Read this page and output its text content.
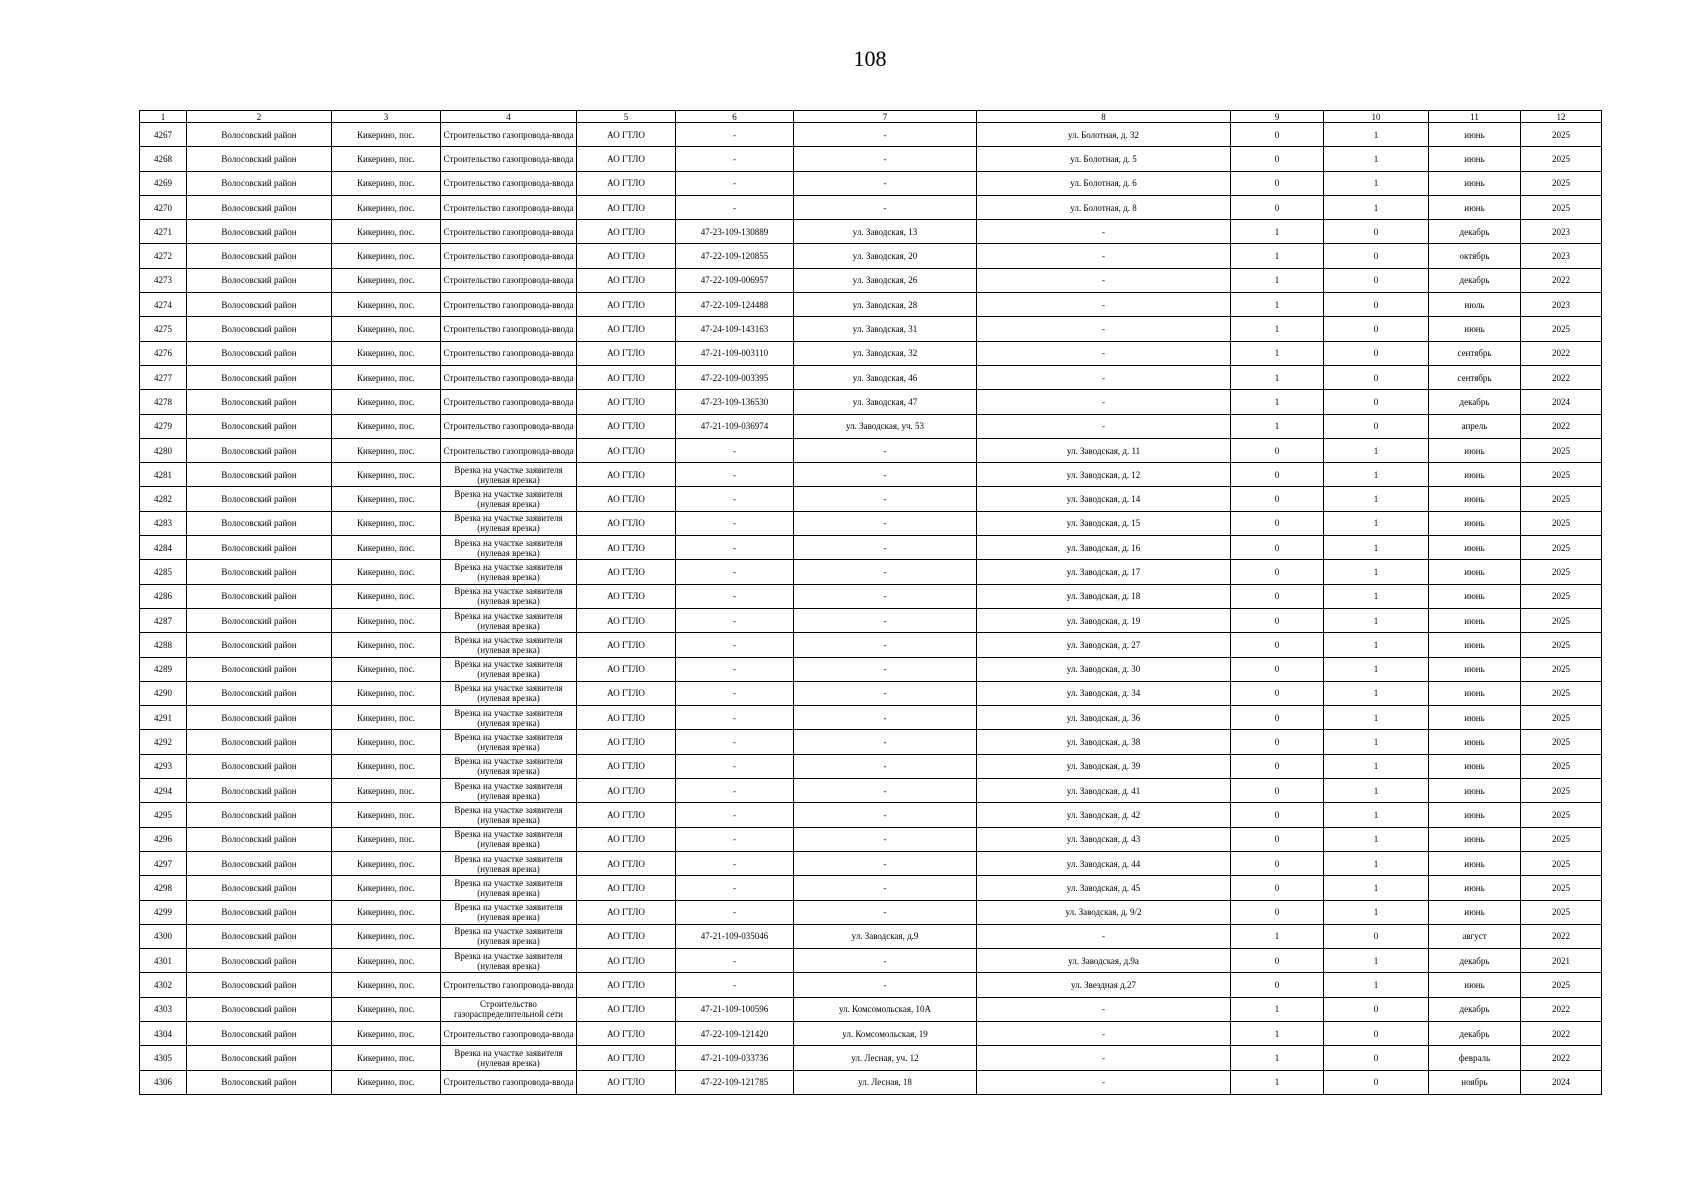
108
1	2	3	4	5	6	7	8	9	10	11	12
4267	Волосовский район	Кикерино, пос.	Строительство газопровода-ввода	АО ГТЛО	-	-	ул. Болотная, д. 32	0	1	июнь	2025
4268	Волосовский район	Кикерино, пос.	Строительство газопровода-ввода	АО ГТЛО	-	-	ул. Болотная, д. 5	0	1	июнь	2025
4269	Волосовский район	Кикерино, пос.	Строительство газопровода-ввода	АО ГТЛО	-	-	ул. Болотная, д. 6	0	1	июнь	2025
4270	Волосовский район	Кикерино, пос.	Строительство газопровода-ввода	АО ГТЛО	-	-	ул. Болотная, д. 8	0	1	июнь	2025
4271	Волосовский район	Кикерино, пос.	Строительство газопровода-ввода	АО ГТЛО	47-23-109-130889	ул. Заводская, 13	-	1	0	декабрь	2023
4272	Волосовский район	Кикерино, пос.	Строительство газопровода-ввода	АО ГТЛО	47-22-109-120855	ул. Заводская, 20	-	1	0	октябрь	2023
4273	Волосовский район	Кикерино, пос.	Строительство газопровода-ввода	АО ГТЛО	47-22-109-006957	ул. Заводская, 26	-	1	0	декабрь	2022
4274	Волосовский район	Кикерино, пос.	Строительство газопровода-ввода	АО ГТЛО	47-22-109-124488	ул. Заводская, 28	-	1	0	июль	2023
4275	Волосовский район	Кикерино, пос.	Строительство газопровода-ввода	АО ГТЛО	47-24-109-143163	ул. Заводская, 31	-	1	0	июнь	2025
4276	Волосовский район	Кикерино, пос.	Строительство газопровода-ввода	АО ГТЛО	47-21-109-003110	ул. Заводская, 32	-	1	0	сентябрь	2022
4277	Волосовский район	Кикерино, пос.	Строительство газопровода-ввода	АО ГТЛО	47-22-109-003395	ул. Заводская, 46	-	1	0	сентябрь	2022
4278	Волосовский район	Кикерино, пос.	Строительство газопровода-ввода	АО ГТЛО	47-23-109-136530	ул. Заводская, 47	-	1	0	декабрь	2024
4279	Волосовский район	Кикерино, пос.	Строительство газопровода-ввода	АО ГТЛО	47-21-109-036974	ул. Заводская, уч. 53	-	1	0	апрель	2022
4280	Волосовский район	Кикерино, пос.	Строительство газопровода-ввода	АО ГТЛО	-	-	ул. Заводская, д. 11	0	1	июнь	2025
4281	Волосовский район	Кикерино, пос.	Врезка на участке заявителя (нулевая врезка)	АО ГТЛО	-	-	ул. Заводская, д. 12	0	1	июнь	2025
4282	Волосовский район	Кикерино, пос.	Врезка на участке заявителя (нулевая врезка)	АО ГТЛО	-	-	ул. Заводская, д. 14	0	1	июнь	2025
4283	Волосовский район	Кикерино, пос.	Врезка на участке заявителя (нулевая врезка)	АО ГТЛО	-	-	ул. Заводская, д. 15	0	1	июнь	2025
4284	Волосовский район	Кикерино, пос.	Врезка на участке заявителя (нулевая врезка)	АО ГТЛО	-	-	ул. Заводская, д. 16	0	1	июнь	2025
4285	Волосовский район	Кикерино, пос.	Врезка на участке заявителя (нулевая врезка)	АО ГТЛО	-	-	ул. Заводская, д. 17	0	1	июнь	2025
4286	Волосовский район	Кикерино, пос.	Врезка на участке заявителя (нулевая врезка)	АО ГТЛО	-	-	ул. Заводская, д. 18	0	1	июнь	2025
4287	Волосовский район	Кикерино, пос.	Врезка на участке заявителя (нулевая врезка)	АО ГТЛО	-	-	ул. Заводская, д. 19	0	1	июнь	2025
4288	Волосовский район	Кикерино, пос.	Врезка на участке заявителя (нулевая врезка)	АО ГТЛО	-	-	ул. Заводская, д. 27	0	1	июнь	2025
4289	Волосовский район	Кикерино, пос.	Врезка на участке заявителя (нулевая врезка)	АО ГТЛО	-	-	ул. Заводская, д. 30	0	1	июнь	2025
4290	Волосовский район	Кикерино, пос.	Врезка на участке заявителя (нулевая врезка)	АО ГТЛО	-	-	ул. Заводская, д. 34	0	1	июнь	2025
4291	Волосовский район	Кикерино, пос.	Врезка на участке заявителя (нулевая врезка)	АО ГТЛО	-	-	ул. Заводская, д. 36	0	1	июнь	2025
4292	Волосовский район	Кикерино, пос.	Врезка на участке заявителя (нулевая врезка)	АО ГТЛО	-	-	ул. Заводская, д. 38	0	1	июнь	2025
4293	Волосовский район	Кикерино, пос.	Врезка на участке заявителя (нулевая врезка)	АО ГТЛО	-	-	ул. Заводская, д. 39	0	1	июнь	2025
4294	Волосовский район	Кикерино, пос.	Врезка на участке заявителя (нулевая врезка)	АО ГТЛО	-	-	ул. Заводская, д. 41	0	1	июнь	2025
4295	Волосовский район	Кикерино, пос.	Врезка на участке заявителя (нулевая врезка)	АО ГТЛО	-	-	ул. Заводская, д. 42	0	1	июнь	2025
4296	Волосовский район	Кикерино, пос.	Врезка на участке заявителя (нулевая врезка)	АО ГТЛО	-	-	ул. Заводская, д. 43	0	1	июнь	2025
4297	Волосовский район	Кикерино, пос.	Врезка на участке заявителя (нулевая врезка)	АО ГТЛО	-	-	ул. Заводская, д. 44	0	1	июнь	2025
4298	Волосовский район	Кикерино, пос.	Врезка на участке заявителя (нулевая врезка)	АО ГТЛО	-	-	ул. Заводская, д. 45	0	1	июнь	2025
4299	Волосовский район	Кикерино, пос.	Врезка на участке заявителя (нулевая врезка)	АО ГТЛО	-	-	ул. Заводская, д. 9/2	0	1	июнь	2025
4300	Волосовский район	Кикерино, пос.	Врезка на участке заявителя (нулевая врезка)	АО ГТЛО	47-21-109-035046	ул. Заводская, д.9	-	1	0	август	2022
4301	Волосовский район	Кикерино, пос.	Врезка на участке заявителя (нулевая врезка)	АО ГТЛО	-	-	ул. Заводская, д.9а	0	1	декабрь	2021
4302	Волосовский район	Кикерино, пос.	Строительство газопровода-ввода	АО ГТЛО	-	-	ул. Звездная д.27	0	1	июнь	2025
4303	Волосовский район	Кикерино, пос.	Строительство газораспределительной сети	АО ГТЛО	47-21-109-100596	ул. Комсомольская, 10А	-	1	0	декабрь	2022
4304	Волосовский район	Кикерино, пос.	Строительство газопровода-ввода	АО ГТЛО	47-22-109-121420	ул. Комсомольская, 19	-	1	0	декабрь	2022
4305	Волосовский район	Кикерино, пос.	Врезка на участке заявителя (нулевая врезка)	АО ГТЛО	47-21-109-033736	ул. Лесная, уч. 12	-	1	0	февраль	2022
4306	Волосовский район	Кикерино, пос.	Строительство газопровода-ввода	АО ГТЛО	47-22-109-121785	ул. Лесная, 18	-	1	0	ноябрь	2024
